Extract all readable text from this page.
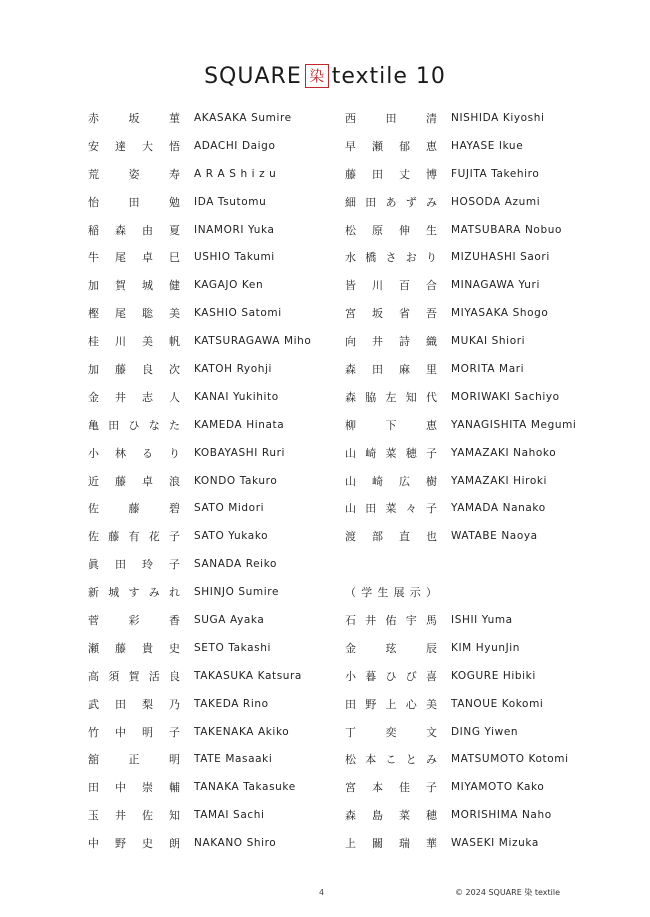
SQUARE 染 textile 10
赤	坂	菫 AKASAKA Sumire
安 達 大 悟 ADACHI Daigo
荒	姿	寿 A R A S h i z u
怡	田	勉 IDA Tsutomu
稲 森 由 夏 INAMORI Yuka
牛 尾 卓 巳 USHIO Takumi
加 賀 城 健 KAGAJO Ken
樫 尾 聡 美 KASHIO Satomi
桂 川 美 帆 KATSURAGAWA Miho
加 藤 良 次 KATOH Ryohji
金 井 志 人 KANAI Yukihito
亀 田 ひ な た KAMEDA Hinata
小 林 る り KOBAYASHI Ruri
近 藤 卓 浪 KONDO Takuro
佐	藤	碧 SATO Midori
佐 藤 有 花 子 SATO Yukako
眞 田 玲 子 SANADA Reiko
新 城 す み れ SHINJO Sumire
菅	彩	香 SUGA Ayaka
瀬 藤 貴 史 SETO Takashi
高 須 賀 活 良 TAKASUKA Katsura
武 田 梨 乃 TAKEDA Rino
竹 中 明 子 TAKENAKA Akiko
舘	正	明 TATE Masaaki
田 中 崇 輔 TANAKA Takasuke
玉 井 佐 知 TAMAI Sachi
中 野 史 朗 NAKANO Shiro
西	田	清 NISHIDA Kiyoshi
早 瀬 郁 恵 HAYASE Ikue
藤 田 丈 博 FUJITA Takehiro
細 田 あ ず み HOSODA Azumi
松 原 伸 生 MATSUBARA Nobuo
水 橋 さ お り MIZUHASHI Saori
皆 川 百 合 MINAGAWA Yuri
宮 坂 省 吾 MIYASAKA Shogo
向 井 詩 織 MUKAI Shiori
森 田 麻 里 MORITA Mari
森 脇 左 知 代 MORIWAKI Sachiyo
柳	下	恵 YANAGISHITA Megumi
山 崎 菜 穂 子 YAMAZAKI Nahoko
山 崎 広 樹 YAMAZAKI Hiroki
山 田 菜 々 子 YAMADA Nanako
渡 部 直 也 WATABE Naoya
（ 学 生 展 示 ）
石 井 佑 宇 馬 ISHII Yuma
金	玹	辰 KIM HyunJin
小 暮 ひ び 喜 KOGURE Hibiki
田 野 上 心 美 TANOUE Kokomi
丁	奕	文 DING Yiwen
松 本 こ と み MATSUMOTO Kotomi
宮 本 佳 子 MIYAMOTO Kako
森 島 菜 穂 MORISHIMA Naho
上 關 瑞 華 WASEKI Mizuka
4	© 2024 SQUARE 染 textile
